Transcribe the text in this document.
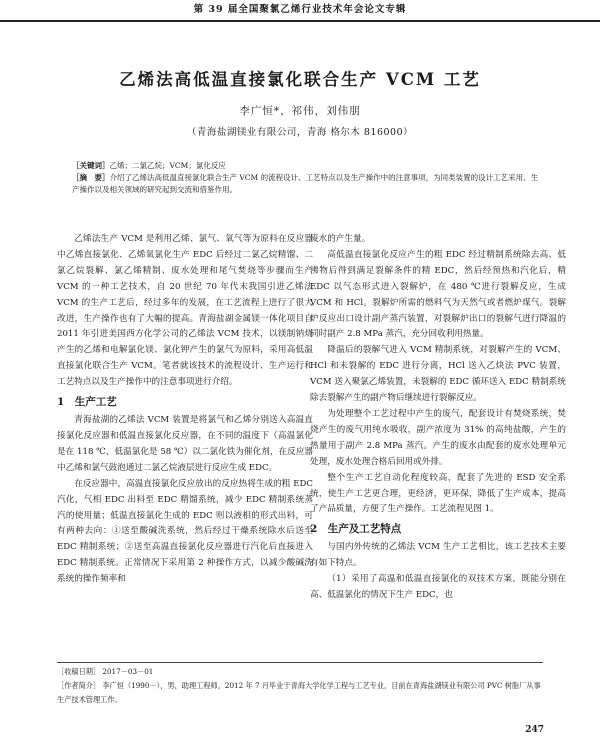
第 39 届全国聚氯乙烯行业技术年会论文专辑
乙烯法高低温直接氯化联合生产 VCM 工艺
李广恒*，祁伟，刘伟朋
（青海盐湖镁业有限公司，青海 格尔木 816000）

［关键词］乙烯；二氯乙烷；VCM；氯化反应

［摘　要］介绍了乙烯法高低温直接氯化联合生产 VCM 的流程设计、工艺特点以及生产操作中的注意事项，为同类装置的设计工艺采用、生产操作以及相关领域的研究起到交流和借鉴作用。

乙烯法生产 VCM 是利用乙烯、氯气、氧气等为原料在反应器中乙烯直接氯化、乙烯氧氯化生产 EDC 后经过二氯乙烷精馏、二氯乙烷裂解、氯乙烯精制、废水处理和尾气焚烧等步骤而生产 VCM 的一种工艺技术，自 20 世纪 70 年代末我国引进乙烯法 VCM 的生产工艺后，经过多年的发展，在工艺流程上进行了很大改进，生产操作也有了大幅的提高。青海盐湖金属镁一体化项目自 2011 年引进美国西方化学公司的乙烯法 VCM 技术，以镁制钠烧产生的乙烯和电解氯化镁、氯化钾产生的氯气为原料，采用高低温直接氯化联合生产 VCM。笔者就该技术的流程设计、生产运行和工艺特点以及生产操作中的注意事项进行介绍。

1　生产工艺

青海盐湖的乙烯法 VCM 装置是将氯气和乙烯分别送入高温直接氯化反应器和低温直接氯化反应器，在不同的温度下（高温氯化是在 118 ℃，低温氯化是 58 ℃）以二氯化铁为催化剂，在反应器中乙烯和氯气鼓泡通过二氯乙烷液层进行反应生成 EDC。

在反应器中，高温直接氯化反应放出的反应热将生成的粗 EDC 汽化，气相 EDC 出料至 EDC 精馏系统，减少 EDC 精制系统蒸汽的使用量；低温直接氯化生成的 EDC 则以液相的形式出料，可有两种去向：①送至酸碱洗系统，然后经过干燥系统除水后送至 EDC 精制系统；②送至高温直接氯化反应器进行汽化后直接进入 EDC 精制系统。正常情况下采用第 2 种操作方式，以减少酸碱洗系统的操作频率和

废水的产生量。

高低温直接氯化反应产生的粗 EDC 经过精制系统除去高、低沸物后得到满足裂解条件的精 EDC，然后经预热和汽化后，精 EDC 以气态形式进入裂解炉，在 480 ℃进行裂解反应，生成 VCM 和 HCl。裂解炉所需的燃料气为天然气或者燃炉煤气。裂解炉反应出口设计副产蒸汽装置，对裂解炉出口的裂解气进行降温的同时副产 2.8 MPa 蒸汽，充分回收利用热量。

降温后的裂解气进入 VCM 精制系统，对裂解产生的 VCM、HCl 和未裂解的 EDC 进行分离，HCl 送入乙炔法 PVC 装置，VCM 送入聚氯乙烯装置，未裂解的 EDC 循环送入 EDC 精制系统除去裂解产生的副产物后继续进行裂解反应。

为处理整个工艺过程中产生的废气，配套设计有焚烧系统，焚烧产生的废气用纯水吸收，副产浓度为 31% 的高纯盐酸，产生的热量用于副产 2.8 MPa 蒸汽。产生的废水由配套的废水处理单元处理，废水处理合格后回用或外排。

整个生产工艺自动化程度较高，配套了先进的 ESD 安全系统，使生产工艺更合理，更经济，更环保，降低了生产成本，提高了产品质量，方便了生产操作。工艺流程见图 1。

2　生产及工艺特点

与国内外传统的乙烯法 VCM 生产工艺相比，该工艺技术主要有如下特点。

（1）采用了高温和低温直接氯化的双技术方案，既能分别在高、低温氯化的情况下生产 EDC，也

［收稿日期］ 2017－03－01

［作者简介］ 李广恒（1990－），男，助理工程师，2012 年 7 月毕业于青海大学化学工程与工艺专业，目前在青海盐湖镁业有限公司 PVC 树脂厂从事生产技术管理工作。

247
